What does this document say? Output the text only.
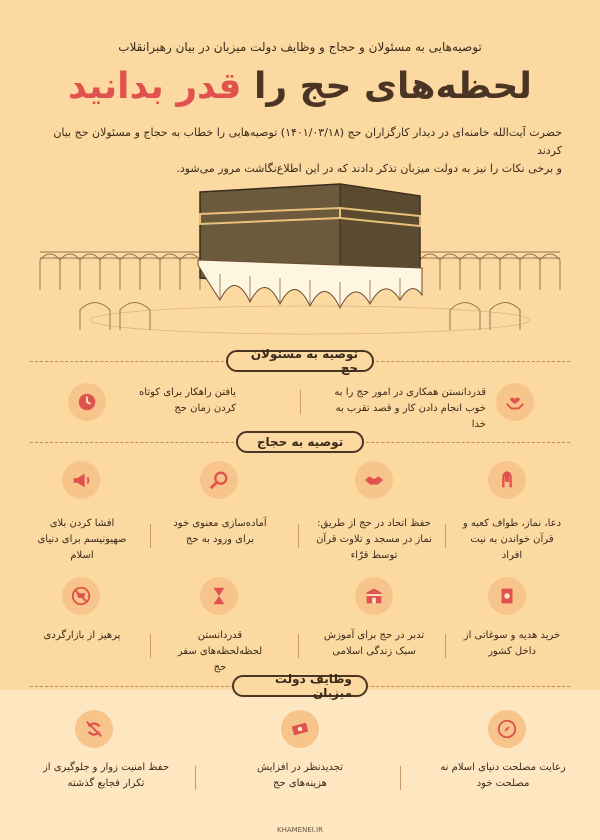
توصیه‌هایی به مسئولان و حجاج و وظایف دولت میزبان در بیان رهبرانقلاب
لحظه‌های حج را قدر بدانید
حضرت آیت‌الله خامنه‌ای در دیدار کارگزاران حج (۱۴۰۱/۰۳/۱۸) توصیه‌هایی را خطاب به حجاج و مسئولان حج بیان کردند
و برخی نکات را نیز به دولت میزبان تذکر دادند که در این اطلاع‌نگاشت مرور می‌شود.
توصیه به مسئولان حج
قدردانستن همکاری در امور حج را به خوب انجام دادن کار و قصد تقرب به خدا
یافتن راهکار برای کوتاه کردن زمان حج
توصیه به حجاج
دعا، نماز، طواف کعبه و قرآن خواندن به نیت افراد
حفظ اتحاد در حج از طریق: نماز در مسجد و تلاوت قرآن توسط قرّاء
آماده‌سازی معنوی خود برای ورود به حج
افشا کردن بلای صهیونیسم برای دنیای اسلام
خرید هدیه و سوغاتی از داخل کشور
تدبر در حج برای آموزش سبک زندگی اسلامی
قدردانستن لحظه‌لحظه‌های سفر حج
پرهیز از بازارگردی
وظایف دولت میزبان
رعایت مصلحت دنیای اسلام نه مصلحت خود
تجدیدنظر در افزایش هزینه‌های حج
حفظ امنیت زوار و جلوگیری از تکرار فجایع گذشته
KHAMENEI.IR
